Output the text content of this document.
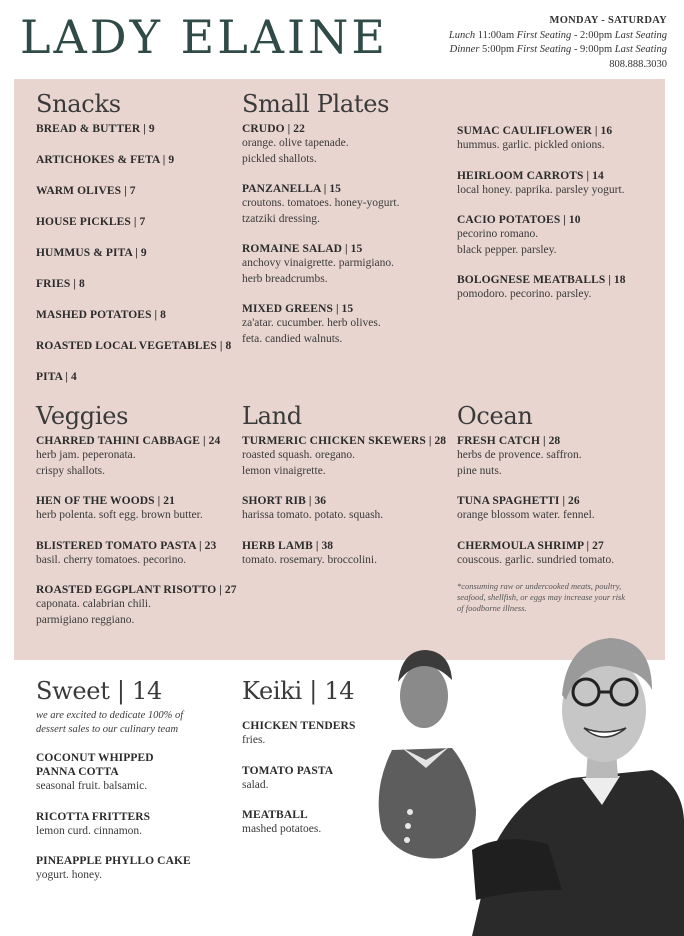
LADY ELAINE	MONDAY - SATURDAY
Lunch 11:00am First Seating - 2:00pm Last Seating
Dinner 5:00pm First Seating - 9:00pm Last Seating
808.888.3030
Snacks
BREAD & BUTTER | 9
ARTICHOKES & FETA | 9
WARM OLIVES | 7
HOUSE PICKLES | 7
HUMMUS & PITA | 9
FRIES | 8
MASHED POTATOES | 8
ROASTED LOCAL VEGETABLES | 8
PITA | 4
Small Plates
CRUDO | 22
orange. olive tapenade.
pickled shallots.
PANZANELLA | 15
croutons. tomatoes. honey-yogurt.
tzatziki dressing.
ROMAINE SALAD | 15
anchovy vinaigrette. parmigiano.
herb breadcrumbs.
MIXED GREENS | 15
za'atar. cucumber. herb olives.
feta. candied walnuts.
SUMAC CAULIFLOWER | 16
hummus. garlic. pickled onions.
HEIRLOOM CARROTS | 14
local honey. paprika. parsley yogurt.
CACIO POTATOES | 10
pecorino romano.
black pepper. parsley.
BOLOGNESE MEATBALLS | 18
pomodoro. pecorino. parsley.
Veggies
CHARRED TAHINI CABBAGE | 24
herb jam. peperonata.
crispy shallots.
HEN OF THE WOODS | 21
herb polenta. soft egg. brown butter.
BLISTERED TOMATO PASTA | 23
basil. cherry tomatoes. pecorino.
ROASTED EGGPLANT RISOTTO | 27
caponata. calabrian chili.
parmigiano reggiano.
Land
TURMERIC CHICKEN SKEWERS | 28
roasted squash. oregano.
lemon vinaigrette.
SHORT RIB | 36
harissa tomato. potato. squash.
HERB LAMB | 38
tomato. rosemary. broccolini.
Ocean
FRESH CATCH | 28
herbs de provence. saffron.
pine nuts.
TUNA SPAGHETTI | 26
orange blossom water. fennel.
CHERMOULA SHRIMP | 27
couscous. garlic. sundried tomato.
*consuming raw or undercooked meats, poultry, seafood, shellfish, or eggs may increase your risk of foodborne illness.
Sweet | 14
we are excited to dedicate 100% of dessert sales to our culinary team
COCONUT WHIPPED
PANNA COTTA
seasonal fruit. balsamic.
RICOTTA FRITTERS
lemon curd. cinnamon.
PINEAPPLE PHYLLO CAKE
yogurt. honey.
Keiki | 14
CHICKEN TENDERS
fries.
TOMATO PASTA
salad.
MEATBALL
mashed potatoes.
